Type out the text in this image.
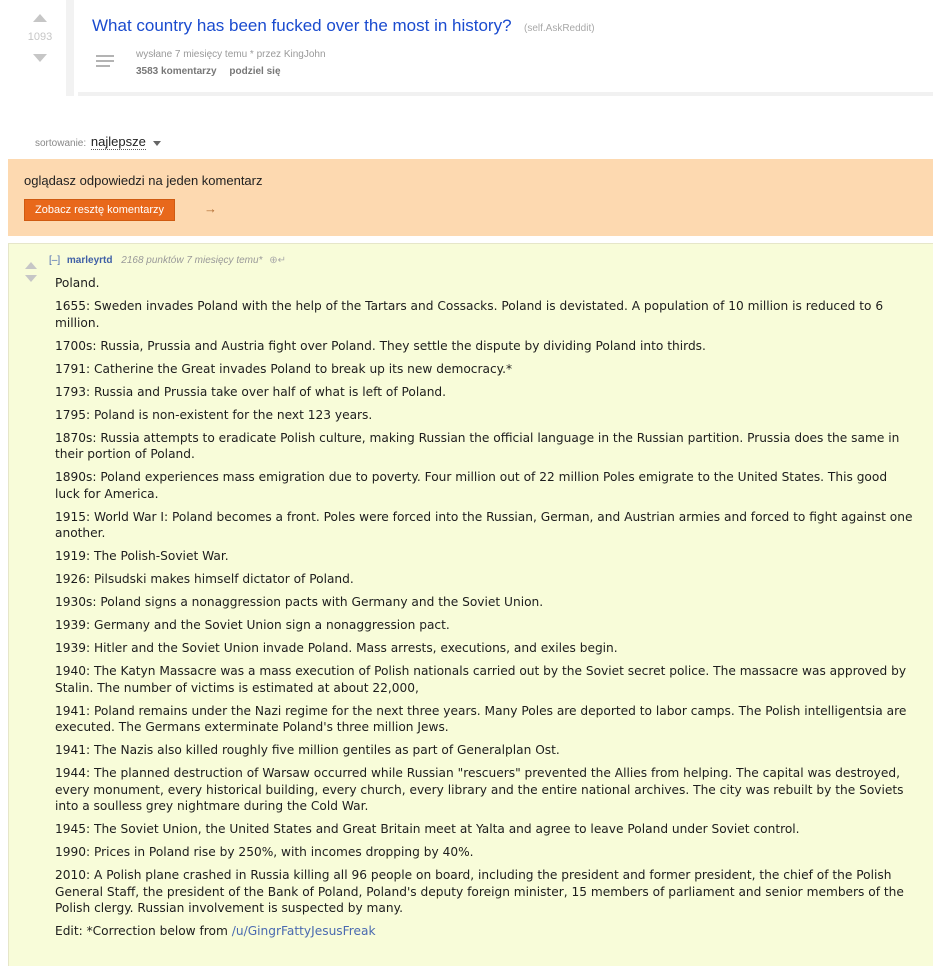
1093
What country has been fucked over the most in history? (self.AskReddit)
wysłane 7 miesięcy temu * przez KingJohn
3583 komentarzy podziel się
sortowanie: najlepsze
oglądasz odpowiedzi na jeden komentarz
Zobacz resztę komentarzy	→
[–] marleyrtd 2168 punktów 7 miesięcy temu* ⊕↵

Poland.

1655: Sweden invades Poland with the help of the Tartars and Cossacks. Poland is devistated. A population of 10 million is reduced to 6 million.

1700s: Russia, Prussia and Austria fight over Poland. They settle the dispute by dividing Poland into thirds.

1791: Catherine the Great invades Poland to break up its new democracy.*

1793: Russia and Prussia take over half of what is left of Poland.

1795: Poland is non-existent for the next 123 years.

1870s: Russia attempts to eradicate Polish culture, making Russian the official language in the Russian partition. Prussia does the same in their portion of Poland.

1890s: Poland experiences mass emigration due to poverty. Four million out of 22 million Poles emigrate to the United States. This good luck for America.

1915: World War I: Poland becomes a front. Poles were forced into the Russian, German, and Austrian armies and forced to fight against one another.

1919: The Polish-Soviet War.

1926: Pilsudski makes himself dictator of Poland.

1930s: Poland signs a nonaggression pacts with Germany and the Soviet Union.

1939: Germany and the Soviet Union sign a nonaggression pact.

1939: Hitler and the Soviet Union invade Poland. Mass arrests, executions, and exiles begin.

1940: The Katyn Massacre was a mass execution of Polish nationals carried out by the Soviet secret police. The massacre was approved by Stalin. The number of victims is estimated at about 22,000,

1941: Poland remains under the Nazi regime for the next three years. Many Poles are deported to labor camps. The Polish intelligentsia are executed. The Germans exterminate Poland's three million Jews.

1941: The Nazis also killed roughly five million gentiles as part of Generalplan Ost.

1944: The planned destruction of Warsaw occurred while Russian "rescuers" prevented the Allies from helping. The capital was destroyed, every monument, every historical building, every church, every library and the entire national archives. The city was rebuilt by the Soviets into a soulless grey nightmare during the Cold War.

1945: The Soviet Union, the United States and Great Britain meet at Yalta and agree to leave Poland under Soviet control.

1990: Prices in Poland rise by 250%, with incomes dropping by 40%.

2010: A Polish plane crashed in Russia killing all 96 people on board, including the president and former president, the chief of the Polish General Staff, the president of the Bank of Poland, Poland's deputy foreign minister, 15 members of parliament and senior members of the Polish clergy. Russian involvement is suspected by many.

Edit: *Correction below from /u/GingrFattyJesusFreak
